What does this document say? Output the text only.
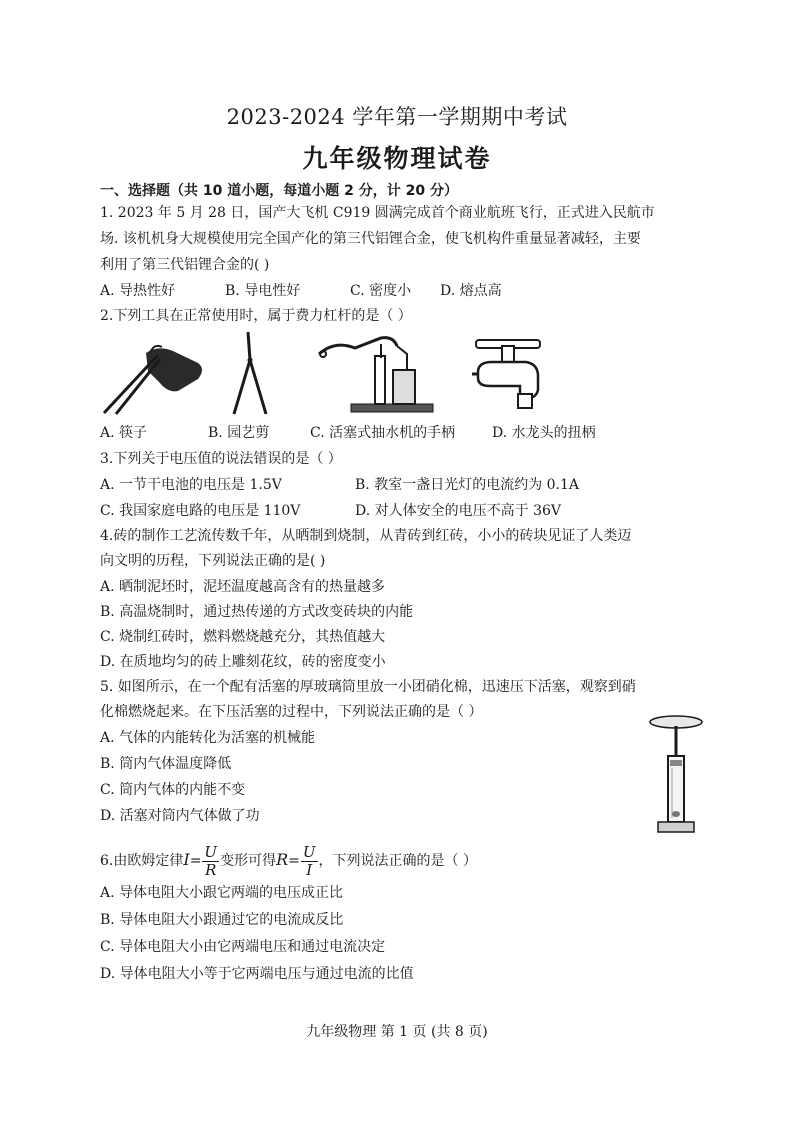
2023-2024 学年第一学期期中考试
九年级物理试卷
一、选择题（共 10 道小题，每道小题 2 分，计 20 分）
1. 2023 年 5 月 28 日，国产大飞机 C919 圆满完成首个商业航班飞行，正式进入民航市
场. 该机机身大规模使用完全国产化的第三代铝锂合金，使飞机构件重量显著减轻，主要
利用了第三代铝锂合金的( )
A. 导热性好	B. 导电性好	C. 密度小 D. 熔点高
2.下列工具在正常使用时，属于费力杠杆的是（ ）
A. 筷子	B. 园艺剪	C. 活塞式抽水机的手柄	D. 水龙头的扭柄
3.下列关于电压值的说法错误的是（ ）
A. 一节干电池的电压是 1.5V	B. 教室一盏日光灯的电流约为 0.1A
C. 我国家庭电路的电压是 110V	D. 对人体安全的电压不高于 36V
4.砖的制作工艺流传数千年，从晒制到烧制，从青砖到红砖，小小的砖块见证了人类迈
向文明的历程，下列说法正确的是( )
A. 晒制泥坯时，泥坯温度越高含有的热量越多
B. 高温烧制时，通过热传递的方式改变砖块的内能
C. 烧制红砖时，燃料燃烧越充分，其热值越大
D. 在质地均匀的砖上雕刻花纹，砖的密度变小
5. 如图所示，在一个配有活塞的厚玻璃筒里放一小团硝化棉，迅速压下活塞，观察到硝
化棉燃烧起来。在下压活塞的过程中，下列说法正确的是（ ）
A. 气体的内能转化为活塞的机械能
B. 筒内气体温度降低
C. 筒内气体的内能不变
D. 活塞对筒内气体做了功
6.由欧姆定律$I= \frac{U}{R}$ 变形可得$R= \frac{U}{I}$ ，下列说法正确的是（ ）
A. 导体电阻大小跟它两端的电压成正比
B. 导体电阻大小跟通过它的电流成反比
C. 导体电阻大小由它两端电压和通过电流决定
D. 导体电阻大小等于它两端电压与通过电流的比值
九年级物理 第 1 页 (共 8 页)
